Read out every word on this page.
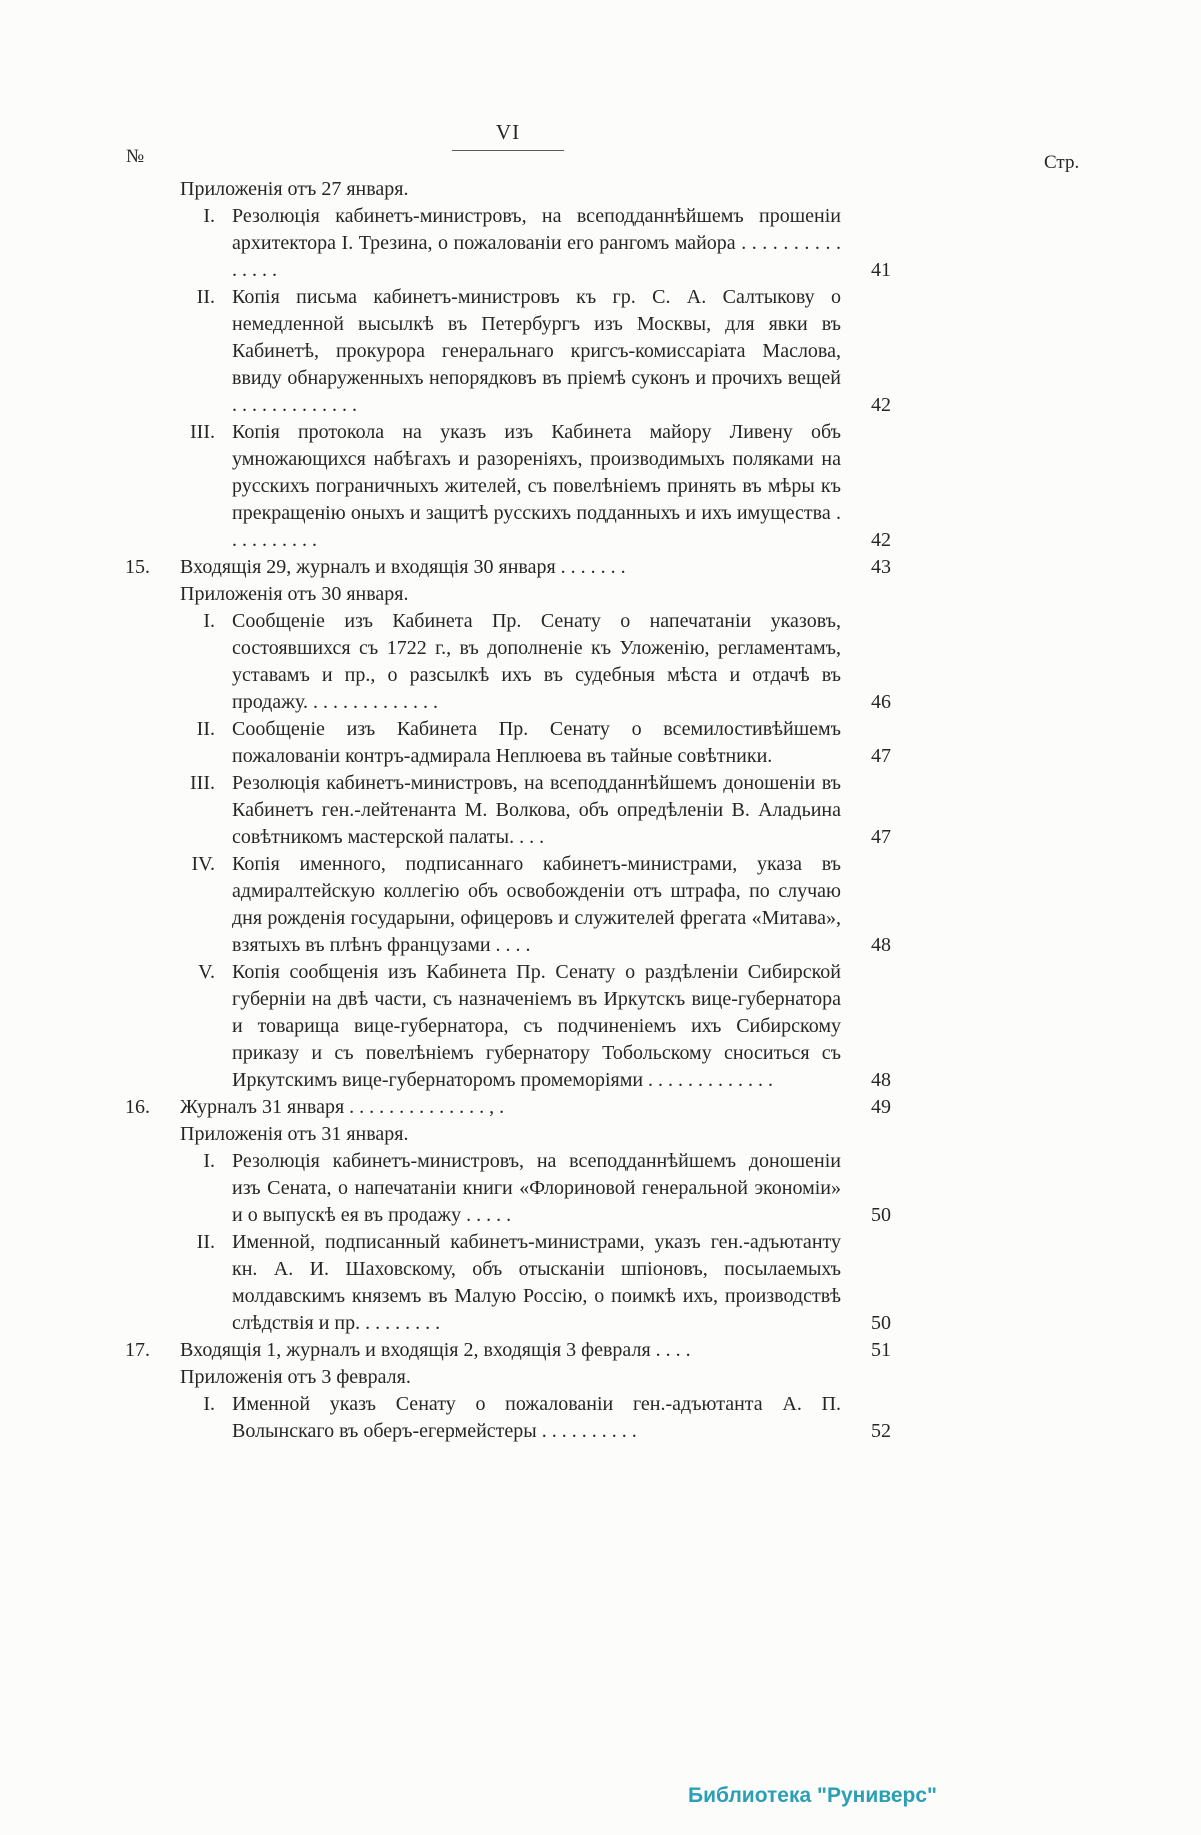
VI
№	Стр.
Приложенія отъ 27 января.
I. Резолюція кабинетъ-министровъ, на всеподданнѣйшемъ прошеніи архитектора І. Трезина, о пожалованіи его рангомъ майора . . . . . . . . . . . . . . .	41
II. Копія письма кабинетъ-министровъ къ гр. С. А. Салтыкову о немедленной высылкѣ въ Петербургъ изъ Москвы, для явки въ Кабинетѣ, прокурора генеральнаго кригсъ-комиссаріата Маслова, ввиду обнаруженныхъ непорядковъ въ пріемѣ суконъ и прочихъ вещей . . . . . . . . . . . . .	42
III. Копія протокола на указъ изъ Кабинета майору Ливену объ умножающихся набѣгахъ и разореніяхъ, производимыхъ поляками на русскихъ пограничныхъ жителей, съ повелѣніемъ принять въ мѣры къ прекращенію оныхъ и защитѣ русскихъ подданныхъ и ихъ имущества . . . . . . . . . .	42
15.	Входящія 29, журналъ и входящія 30 января . . . . . . .	43
Приложенія отъ 30 января.
I. Сообщеніе изъ Кабинета Пр. Сенату о напечатаніи указовъ, состоявшихся съ 1722 г., въ дополненіе къ Уложенію, регламентамъ, уставамъ и пр., о разсылкѣ ихъ въ судебныя мѣста и отдачѣ въ продажу. . . . . . . . . . . . . .	46
II. Сообщеніе изъ Кабинета Пр. Сенату о всемилостивѣйшемъ пожалованіи контръ-адмирала Неплюева въ тайные совѣтники.	47
III. Резолюція кабинетъ-министровъ, на всеподданнѣйшемъ доношеніи въ Кабинетъ ген.-лейтенанта М. Волкова, объ опредѣленіи В. Аладьина совѣтникомъ мастерской палаты. . . .	47
IV. Копія именного, подписаннаго кабинетъ-министрами, указа въ адмиралтейскую коллегію объ освобожденіи отъ штрафа, по случаю дня рожденія государыни, офицеровъ и служителей фрегата «Митава», взятыхъ въ плѣнъ французами . . . .	48
V. Копія сообщенія изъ Кабинета Пр. Сенату о раздѣленіи Сибирской губерніи на двѣ части, съ назначеніемъ въ Иркутскъ вице-губернатора и товарища вице-губернатора, съ подчиненіемъ ихъ Сибирскому приказу и съ повелѣніемъ губернатору Тобольскому сноситься съ Иркутскимъ вице-губернаторомъ промеморіями . . . . . . . . . . . . .	48
16.	Журналъ 31 января . . . . . . . . . . . . . . , .	49
Приложенія отъ 31 января.
I. Резолюція кабинетъ-министровъ, на всеподданнѣйшемъ доношеніи изъ Сената, о напечатаніи книги «Флориновой генеральной экономіи» и о выпускѣ ея въ продажу . . . . .	50
II. Именной, подписанный кабинетъ-министрами, указъ ген.-адъютанту кн. А. И. Шаховскому, объ отысканіи шпіоновъ, посылаемыхъ молдавскимъ княземъ въ Малую Россію, о поимкѣ ихъ, производствѣ слѣдствія и пр. . . . . . . . .	50
17.	Входящія 1, журналъ и входящія 2, входящія 3 февраля . . . .	51
Приложенія отъ 3 февраля.
I. Именной указъ Сенату о пожалованіи ген.-адъютанта А. П. Волынскаго въ оберъ-егермейстеры . . . . . . . . . .	52
Библиотека "Руниверс"
